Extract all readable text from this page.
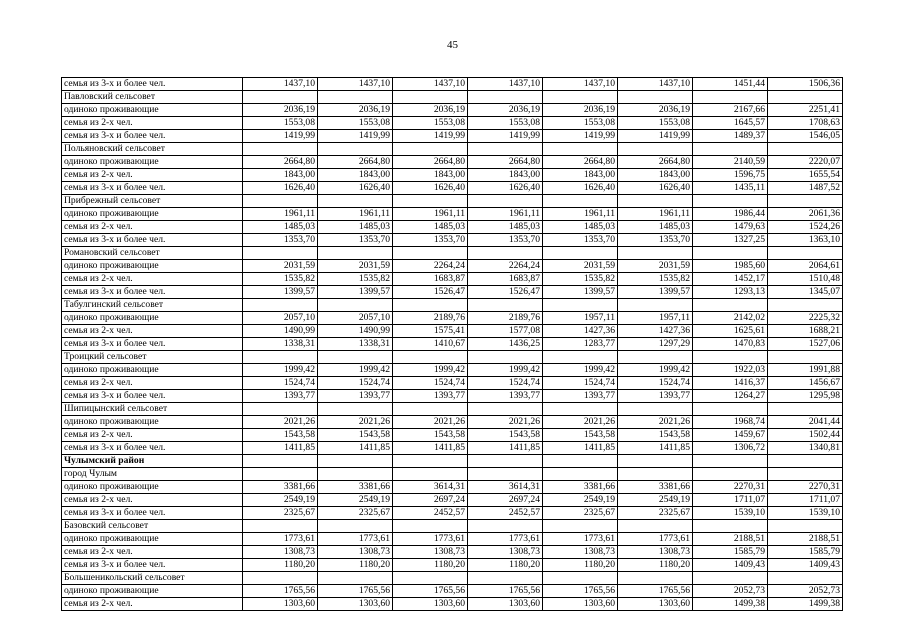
45
семья из 3-х и более чел.	1437,10	1437,10	1437,10	1437,10	1437,10	1437,10	1451,44	1506,36
Павловский сельсовет								
одиноко проживающие	2036,19	2036,19	2036,19	2036,19	2036,19	2036,19	2167,66	2251,41
семья из 2-х чел.	1553,08	1553,08	1553,08	1553,08	1553,08	1553,08	1645,57	1708,63
семья из 3-х и более чел.	1419,99	1419,99	1419,99	1419,99	1419,99	1419,99	1489,37	1546,05
Польяновский сельсовет								
одиноко проживающие	2664,80	2664,80	2664,80	2664,80	2664,80	2664,80	2140,59	2220,07
семья из 2-х чел.	1843,00	1843,00	1843,00	1843,00	1843,00	1843,00	1596,75	1655,54
семья из 3-х и более чел.	1626,40	1626,40	1626,40	1626,40	1626,40	1626,40	1435,11	1487,52
Прибрежный сельсовет								
одиноко проживающие	1961,11	1961,11	1961,11	1961,11	1961,11	1961,11	1986,44	2061,36
семья из 2-х чел.	1485,03	1485,03	1485,03	1485,03	1485,03	1485,03	1479,63	1524,26
семья из 3-х и более чел.	1353,70	1353,70	1353,70	1353,70	1353,70	1353,70	1327,25	1363,10
Романовский сельсовет								
одиноко проживающие	2031,59	2031,59	2264,24	2264,24	2031,59	2031,59	1985,60	2064,61
семья из 2-х чел.	1535,82	1535,82	1683,87	1683,87	1535,82	1535,82	1452,17	1510,48
семья из 3-х и более чел.	1399,57	1399,57	1526,47	1526,47	1399,57	1399,57	1293,13	1345,07
Табулгинский сельсовет								
одиноко проживающие	2057,10	2057,10	2189,76	2189,76	1957,11	1957,11	2142,02	2225,32
семья из 2-х чел.	1490,99	1490,99	1575,41	1577,08	1427,36	1427,36	1625,61	1688,21
семья из 3-х и более чел.	1338,31	1338,31	1410,67	1436,25	1283,77	1297,29	1470,83	1527,06
Троицкий сельсовет								
одиноко проживающие	1999,42	1999,42	1999,42	1999,42	1999,42	1999,42	1922,03	1991,88
семья из 2-х чел.	1524,74	1524,74	1524,74	1524,74	1524,74	1524,74	1416,37	1456,67
семья из 3-х и более чел.	1393,77	1393,77	1393,77	1393,77	1393,77	1393,77	1264,27	1295,98
Шипицынский сельсовет								
одиноко проживающие	2021,26	2021,26	2021,26	2021,26	2021,26	2021,26	1968,74	2041,44
семья из 2-х чел.	1543,58	1543,58	1543,58	1543,58	1543,58	1543,58	1459,67	1502,44
семья из 3-х и более чел.	1411,85	1411,85	1411,85	1411,85	1411,85	1411,85	1306,72	1340,81
Чулымский район								
город Чулым								
одиноко проживающие	3381,66	3381,66	3614,31	3614,31	3381,66	3381,66	2270,31	2270,31
семья из 2-х чел.	2549,19	2549,19	2697,24	2697,24	2549,19	2549,19	1711,07	1711,07
семья из 3-х и более чел.	2325,67	2325,67	2452,57	2452,57	2325,67	2325,67	1539,10	1539,10
Базовский сельсовет								
одиноко проживающие	1773,61	1773,61	1773,61	1773,61	1773,61	1773,61	2188,51	2188,51
семья из 2-х чел.	1308,73	1308,73	1308,73	1308,73	1308,73	1308,73	1585,79	1585,79
семья из 3-х и более чел.	1180,20	1180,20	1180,20	1180,20	1180,20	1180,20	1409,43	1409,43
Большеникольский сельсовет								
одиноко проживающие	1765,56	1765,56	1765,56	1765,56	1765,56	1765,56	2052,73	2052,73
семья из 2-х чел.	1303,60	1303,60	1303,60	1303,60	1303,60	1303,60	1499,38	1499,38
